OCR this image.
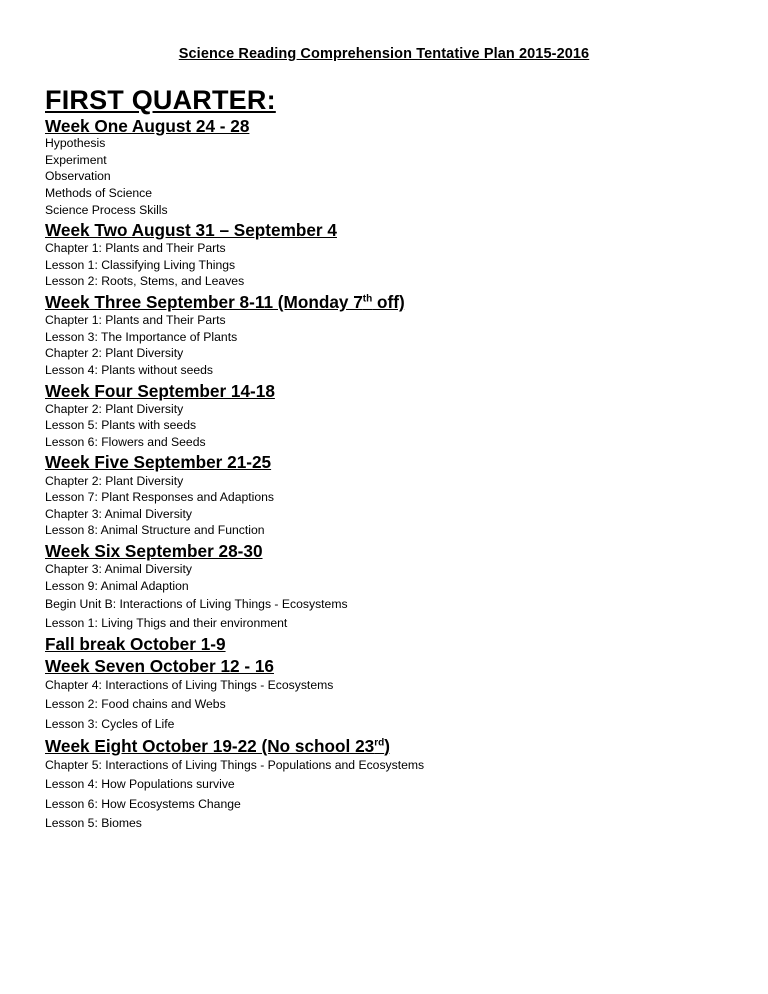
Science Reading Comprehension Tentative Plan 2015-2016
FIRST QUARTER:
Week One August 24 - 28
Hypothesis
Experiment
Observation
Methods of Science
Science Process Skills
Week Two August 31 – September 4
Chapter 1: Plants and Their Parts
Lesson 1: Classifying Living Things
Lesson 2: Roots, Stems, and Leaves
Week Three September 8-11 (Monday 7th off)
Chapter 1: Plants and Their Parts
Lesson 3: The Importance of Plants
Chapter 2: Plant Diversity
Lesson 4: Plants without seeds
Week Four September 14-18
Chapter 2: Plant Diversity
Lesson 5: Plants with seeds
Lesson 6: Flowers and Seeds
Week Five September 21-25
Chapter 2: Plant Diversity
Lesson 7: Plant Responses and Adaptions
Chapter 3: Animal Diversity
Lesson 8: Animal Structure and Function
Week Six September 28-30
Chapter 3: Animal Diversity
Lesson 9: Animal Adaption
Begin Unit B: Interactions of Living Things - Ecosystems
Lesson 1: Living Thigs and their environment
Fall break October 1-9
Week Seven October 12 - 16
Chapter 4: Interactions of Living Things - Ecosystems
Lesson 2: Food chains and Webs
Lesson 3: Cycles of Life
Week Eight October 19-22 (No school 23rd)
Chapter 5: Interactions of Living Things - Populations and Ecosystems
Lesson 4: How Populations survive
Lesson 6: How Ecosystems Change
Lesson 5: Biomes
